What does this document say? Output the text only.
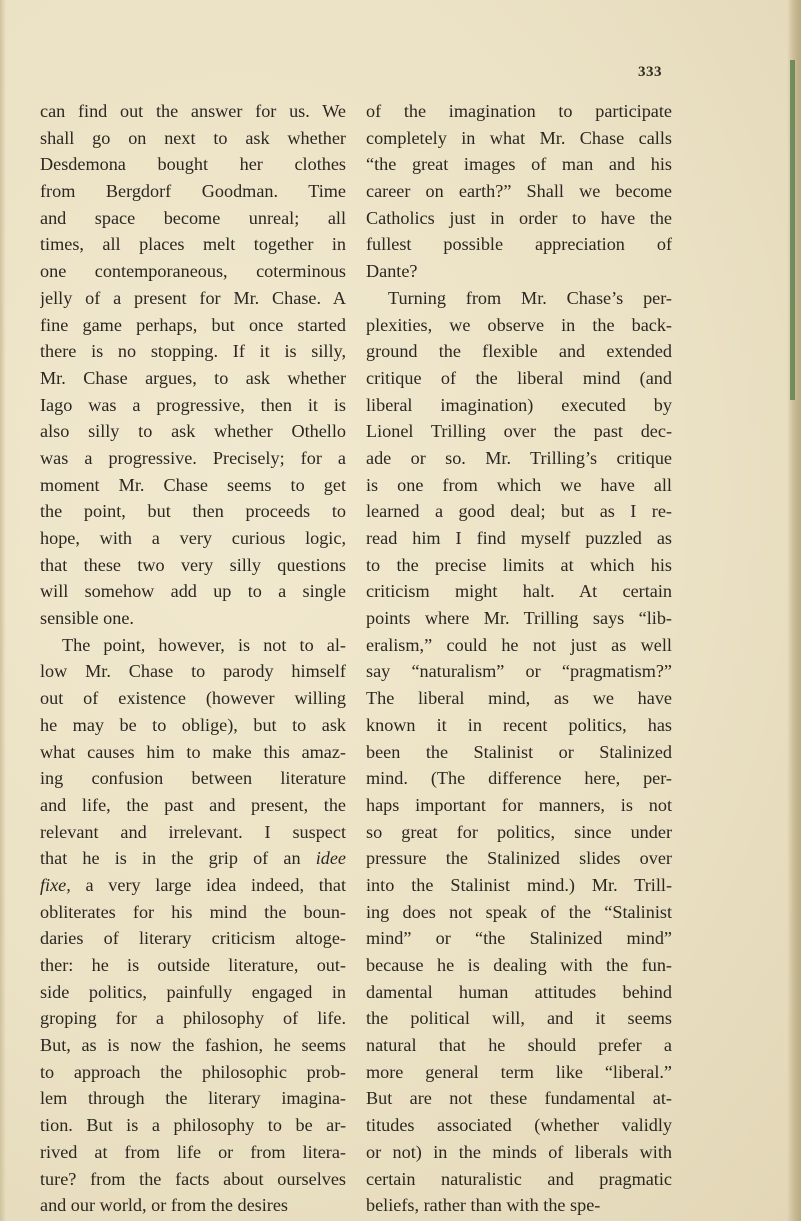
333
can find out the answer for us. We
shall go on next to ask whether
Desdemona bought her clothes
from Bergdorf Goodman. Time
and space become unreal; all
times, all places melt together in
one contemporaneous, coterminous
jelly of a present for Mr. Chase. A
fine game perhaps, but once started
there is no stopping. If it is silly,
Mr. Chase argues, to ask whether
Iago was a progressive, then it is
also silly to ask whether Othello
was a progressive. Precisely; for a
moment Mr. Chase seems to get
the point, but then proceeds to
hope, with a very curious logic,
that these two very silly questions
will somehow add up to a single
sensible one.
The point, however, is not to al-
low Mr. Chase to parody himself
out of existence (however willing
he may be to oblige), but to ask
what causes him to make this amaz-
ing confusion between literature
and life, the past and present, the
relevant and irrelevant. I suspect
that he is in the grip of an idee
fixe, a very large idea indeed, that
obliterates for his mind the boun-
daries of literary criticism altoge-
ther: he is outside literature, out-
side politics, painfully engaged in
groping for a philosophy of life.
But, as is now the fashion, he seems
to approach the philosophic prob-
lem through the literary imagina-
tion. But is a philosophy to be ar-
rived at from life or from litera-
ture? from the facts about ourselves
and our world, or from the desires
of the imagination to participate
completely in what Mr. Chase calls
“the great images of man and his
career on earth?” Shall we become
Catholics just in order to have the
fullest possible appreciation of
Dante?
Turning from Mr. Chase’s per-
plexities, we observe in the back-
ground the flexible and extended
critique of the liberal mind (and
liberal imagination) executed by
Lionel Trilling over the past dec-
ade or so. Mr. Trilling’s critique
is one from which we have all
learned a good deal; but as I re-
read him I find myself puzzled as
to the precise limits at which his
criticism might halt. At certain
points where Mr. Trilling says “lib-
eralism,” could he not just as well
say “naturalism” or “pragmatism?”
The liberal mind, as we have
known it in recent politics, has
been the Stalinist or Stalinized
mind. (The difference here, per-
haps important for manners, is not
so great for politics, since under
pressure the Stalinized slides over
into the Stalinist mind.) Mr. Trill-
ing does not speak of the “Stalinist
mind” or “the Stalinized mind”
because he is dealing with the fun-
damental human attitudes behind
the political will, and it seems
natural that he should prefer a
more general term like “liberal.”
But are not these fundamental at-
titudes associated (whether validly
or not) in the minds of liberals with
certain naturalistic and pragmatic
beliefs, rather than with the spe-
